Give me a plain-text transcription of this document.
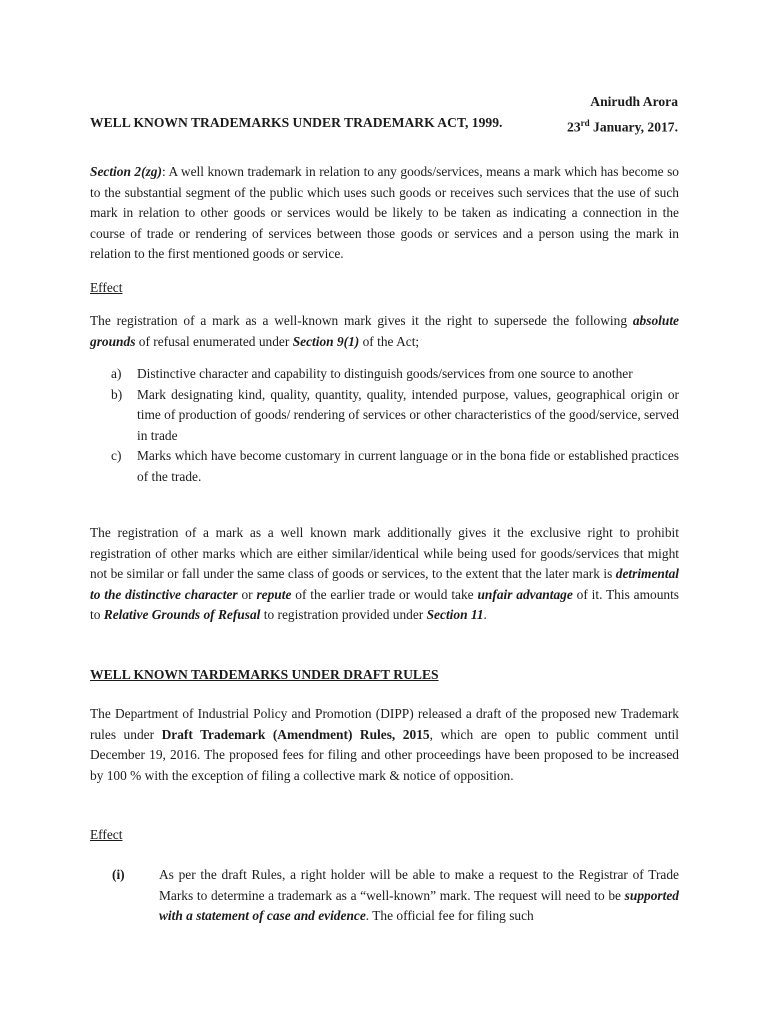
Anirudh Arora
23rd January, 2017.
WELL KNOWN TRADEMARKS UNDER TRADEMARK ACT, 1999.

Section 2(zg): A well known trademark in relation to any goods/services, means a mark which has become so to the substantial segment of the public which uses such goods or receives such services that the use of such mark in relation to other goods or services would be likely to be taken as indicating a connection in the course of trade or rendering of services between those goods or services and a person using the mark in relation to the first mentioned goods or service.

Effect

The registration of a mark as a well-known mark gives it the right to supersede the following absolute grounds of refusal enumerated under Section 9(1) of the Act;

a) Distinctive character and capability to distinguish goods/services from one source to another
b) Mark designating kind, quality, quantity, quality, intended purpose, values, geographical origin or time of production of goods/ rendering of services or other characteristics of the good/service, served in trade
c) Marks which have become customary in current language or in the bona fide or established practices of the trade.

The registration of a mark as a well known mark additionally gives it the exclusive right to prohibit registration of other marks which are either similar/identical while being used for goods/services that might not be similar or fall under the same class of goods or services, to the extent that the later mark is detrimental to the distinctive character or repute of the earlier trade or would take unfair advantage of it. This amounts to Relative Grounds of Refusal to registration provided under Section 11.

WELL KNOWN TARDEMARKS UNDER DRAFT RULES

The Department of Industrial Policy and Promotion (DIPP) released a draft of the proposed new Trademark rules under Draft Trademark (Amendment) Rules, 2015, which are open to public comment until December 19, 2016. The proposed fees for filing and other proceedings have been proposed to be increased by 100 % with the exception of filing a collective mark & notice of opposition.

Effect
(i)	As per the draft Rules, a right holder will be able to make a request to the Registrar of Trade Marks to determine a trademark as a “well-known” mark. The request will need to be supported with a statement of case and evidence. The official fee for filing such
